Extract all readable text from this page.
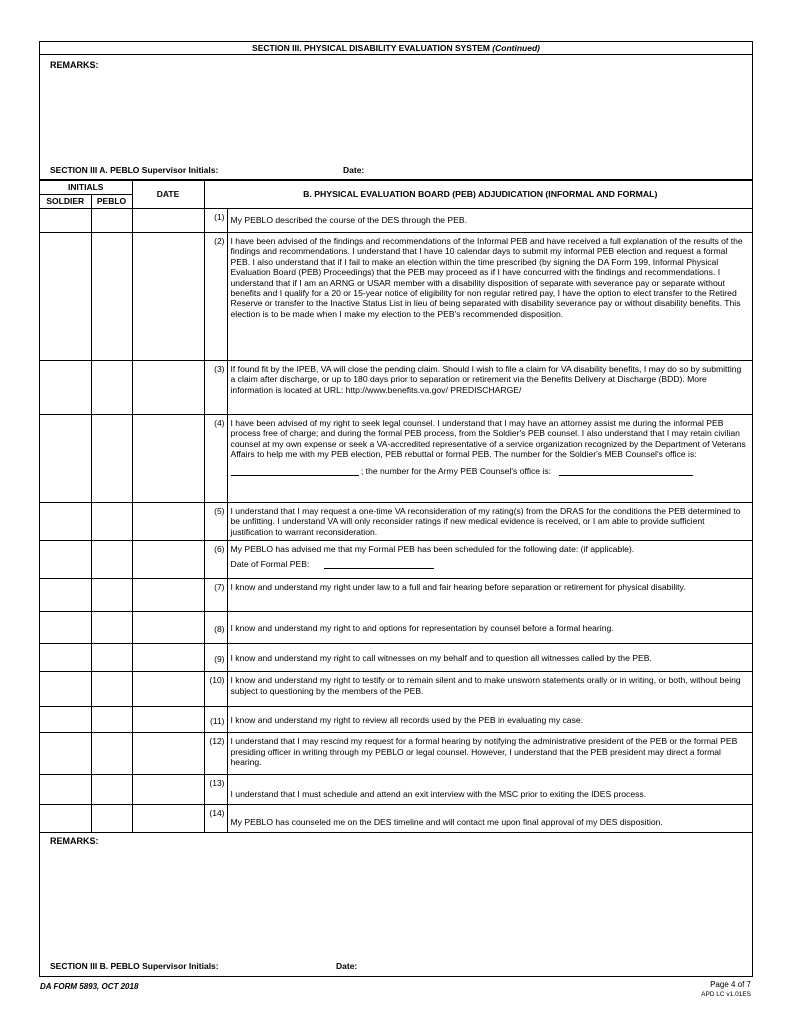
SECTION III. PHYSICAL DISABILITY EVALUATION SYSTEM (Continued)
REMARKS:
SECTION III A. PEBLO Supervisor Initials:	Date:
INITIALS		DATE	B. PHYSICAL EVALUATION BOARD (PEB) ADJUDICATION (INFORMAL AND FORMAL)	
SOLDIER	PEBLO			
			(1)	My PEBLO described the course of the DES through the PEB.
			(2)	I have been advised of the findings and recommendations of the Informal PEB and have received a full explanation of the results of the findings and recommendations. I understand that I have 10 calendar days to submit my informal PEB election and request a formal PEB. I also understand that if I fail to make an election within the time prescribed (by signing the DA Form 199, Informal Physical Evaluation Board (PEB) Proceedings) that the PEB may proceed as if I have concurred with the findings and recommendations. I understand that if I am an ARNG or USAR member with a disability disposition of separate with severance pay or separate without benefits and I qualify for a 20 or 15-year notice of eligibility for non regular retired pay, I have the option to elect transfer to the Retired Reserve or transfer to the Inactive Status List in lieu of being separated with disability severance pay or without disability benefits. This election is to be made when I make my election to the PEB's recommended disposition.
			(3)	If found fit by the IPEB, VA will close the pending claim. Should I wish to file a claim for VA disability benefits, I may do so by submitting a claim after discharge, or up to 180 days prior to separation or retirement via the Benefits Delivery at Discharge (BDD). More information is located at URL: http://www.benefits.va.gov/ PREDISCHARGE/
			(4)	I have been advised of my right to seek legal counsel. I understand that I may have an attorney assist me during the informal PEB process free of charge; and during the formal PEB process, from the Soldier's PEB counsel. I also understand that I may retain civilian counsel at my own expense or seek a VA-accredited representative of a service organization recognized by the Department of Veterans Affairs to help me with my PEB election, PEB rebuttal or formal PEB. The number for the Soldier's MEB Counsel's office is:
; the number for the Army PEB Counsel's office is:

			(5)	I understand that I may request a one-time VA reconsideration of my rating(s) from the DRAS for the conditions the PEB determined to be unfitting. I understand VA will only reconsider ratings if new medical evidence is received, or I am able to provide sufficient justification to warrant reconsideration.
			(6)	My PEBLO has advised me that my Formal PEB has been scheduled for the following date: (if applicable).
Date of Formal PEB:

			(7)	I know and understand my right under law to a full and fair hearing before separation or retirement for physical disability.
			(8)	I know and understand my right to and options for representation by counsel before a formal hearing.
			(9)	I know and understand my right to call witnesses on my behalf and to question all witnesses called by the PEB.
			(10)	I know and understand my right to testify or to remain silent and to make unsworn statements orally or in writing, or both, without being subject to questioning by the members of the PEB.
			(11)	I know and understand my right to review all records used by the PEB in evaluating my case.
			(12)	I understand that I may rescind my request for a formal hearing by notifying the administrative president of the PEB or the formal PEB presiding officer in writing through my PEBLO or legal counsel. However, I understand that the PEB president may direct a formal hearing.
			(13)	I understand that I must schedule and attend an exit interview with the MSC prior to exiting the IDES process.
			(14)	My PEBLO has counseled me on the DES timeline and will contact me upon final approval of my DES disposition.
REMARKS:
SECTION III B. PEBLO Supervisor Initials:	Date:
DA FORM 5893, OCT 2018	Page 4 of 7
APD LC v1.01ES
